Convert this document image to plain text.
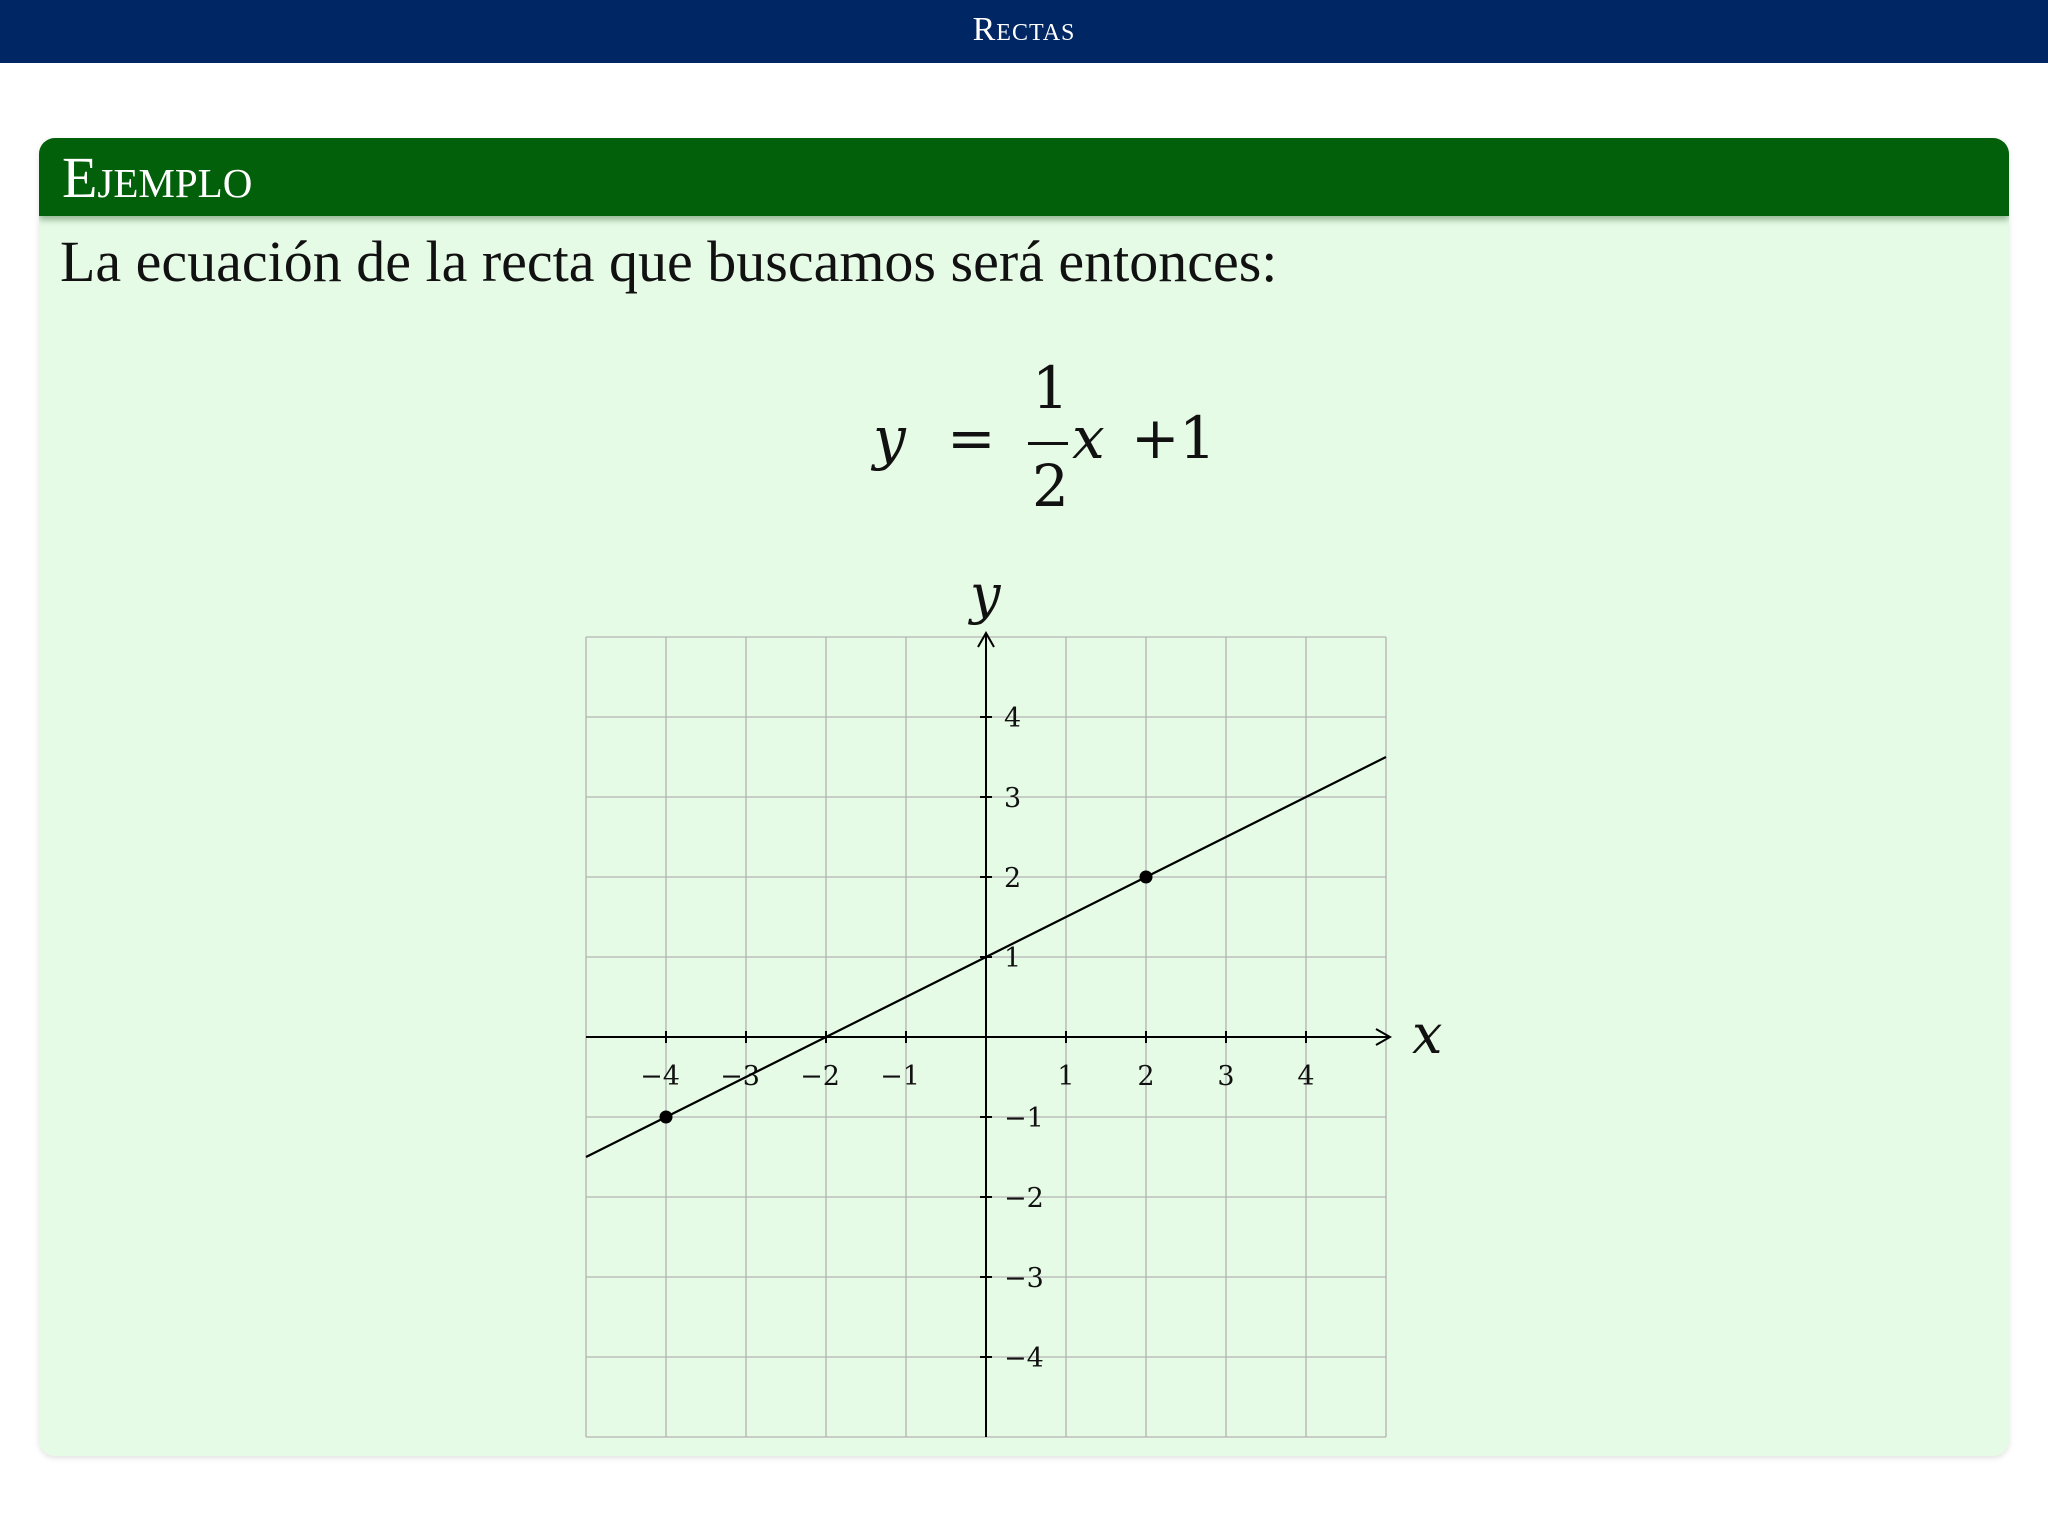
Rectas
Ejemplo
La ecuación de la recta que buscamos será entonces:
y =
1
2
x + 1
−4 −3 −2 −1	1 2 3 4
−4
−3
−2
−1
1
2
3
4
x
y
